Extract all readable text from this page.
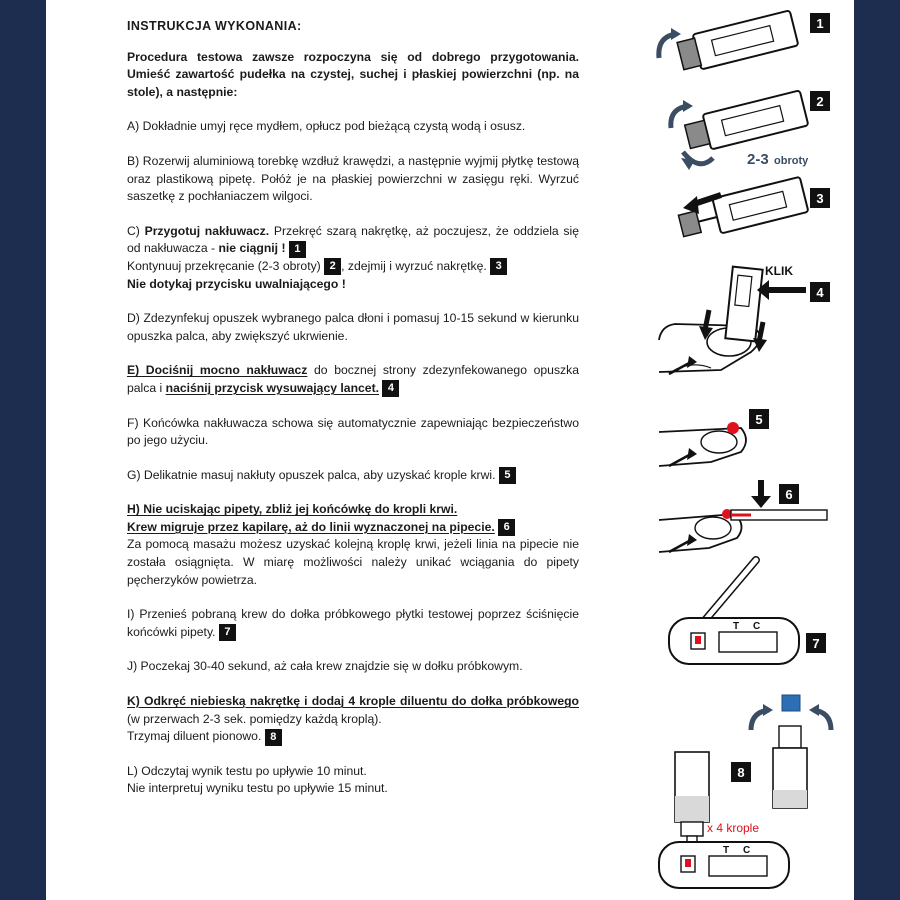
INSTRUKCJA WYKONANIA:
Procedura testowa zawsze rozpoczyna się od dobrego przygotowania. Umieść zawartość pudełka na czystej, suchej i płaskiej powierzchni (np. na stole), a następnie:
A) Dokładnie umyj ręce mydłem, opłucz pod bieżącą czystą wodą i osusz.
B) Rozerwij aluminiową torebkę wzdłuż krawędzi, a następnie wyjmij płytkę testową oraz plastikową pipetę. Połóż je na płaskiej powierzchni w zasięgu ręki. Wyrzuć saszetkę z pochłaniaczem wilgoci.
C) Przygotuj nakłuwacz. Przekręć szarą nakrętkę, aż poczujesz, że oddziela się od nakłuwacza - nie ciągnij ! 1
Kontynuuj przekręcanie (2-3 obroty) 2 , zdejmij i wyrzuć nakrętkę. 3
Nie dotykaj przycisku uwalniającego !
D) Zdezynfekuj opuszek wybranego palca dłoni i pomasuj 10-15 sekund w kierunku opuszka palca, aby zwiększyć ukrwienie.
E) Dociśnij mocno nakłuwacz do bocznej strony zdezynfekowanego opuszka palca i naciśnij przycisk wysuwający lancet. 4
F) Końcówka nakłuwacza schowa się automatycznie zapewniając bezpieczeństwo po jego użyciu.
G) Delikatnie masuj nakłuty opuszek palca, aby uzyskać krople krwi. 5
H) Nie uciskając pipety, zbliż jej końcówkę do kropli krwi.
Krew migruje przez kapilarę, aż do linii wyznaczonej na pipecie. 6
Za pomocą masażu możesz uzyskać kolejną kroplę krwi, jeżeli linia na pipecie nie została osiągnięta. W miarę możliwości należy unikać wciągania do pipety pęcherzyków powietrza.
I) Przenieś pobraną krew do dołka próbkowego płytki testowej poprzez ściśnięcie końcówki pipety. 7
J) Poczekaj 30-40 sekund, aż cała krew znajdzie się w dołku próbkowym.
K) Odkręć niebieską nakrętkę i dodaj 4 krople diluentu do dołka próbkowego (w przerwach 2-3 sek. pomiędzy każdą kroplą).
Trzymaj diluent pionowo. 8
L) Odczytaj wynik testu po upływie 10 minut.
Nie interpretuj wyniku testu po upływie 15 minut.
1
2-3 obroty
2
3
KLIK
4
5
6
T C
7
8
x 4 krople
T C
